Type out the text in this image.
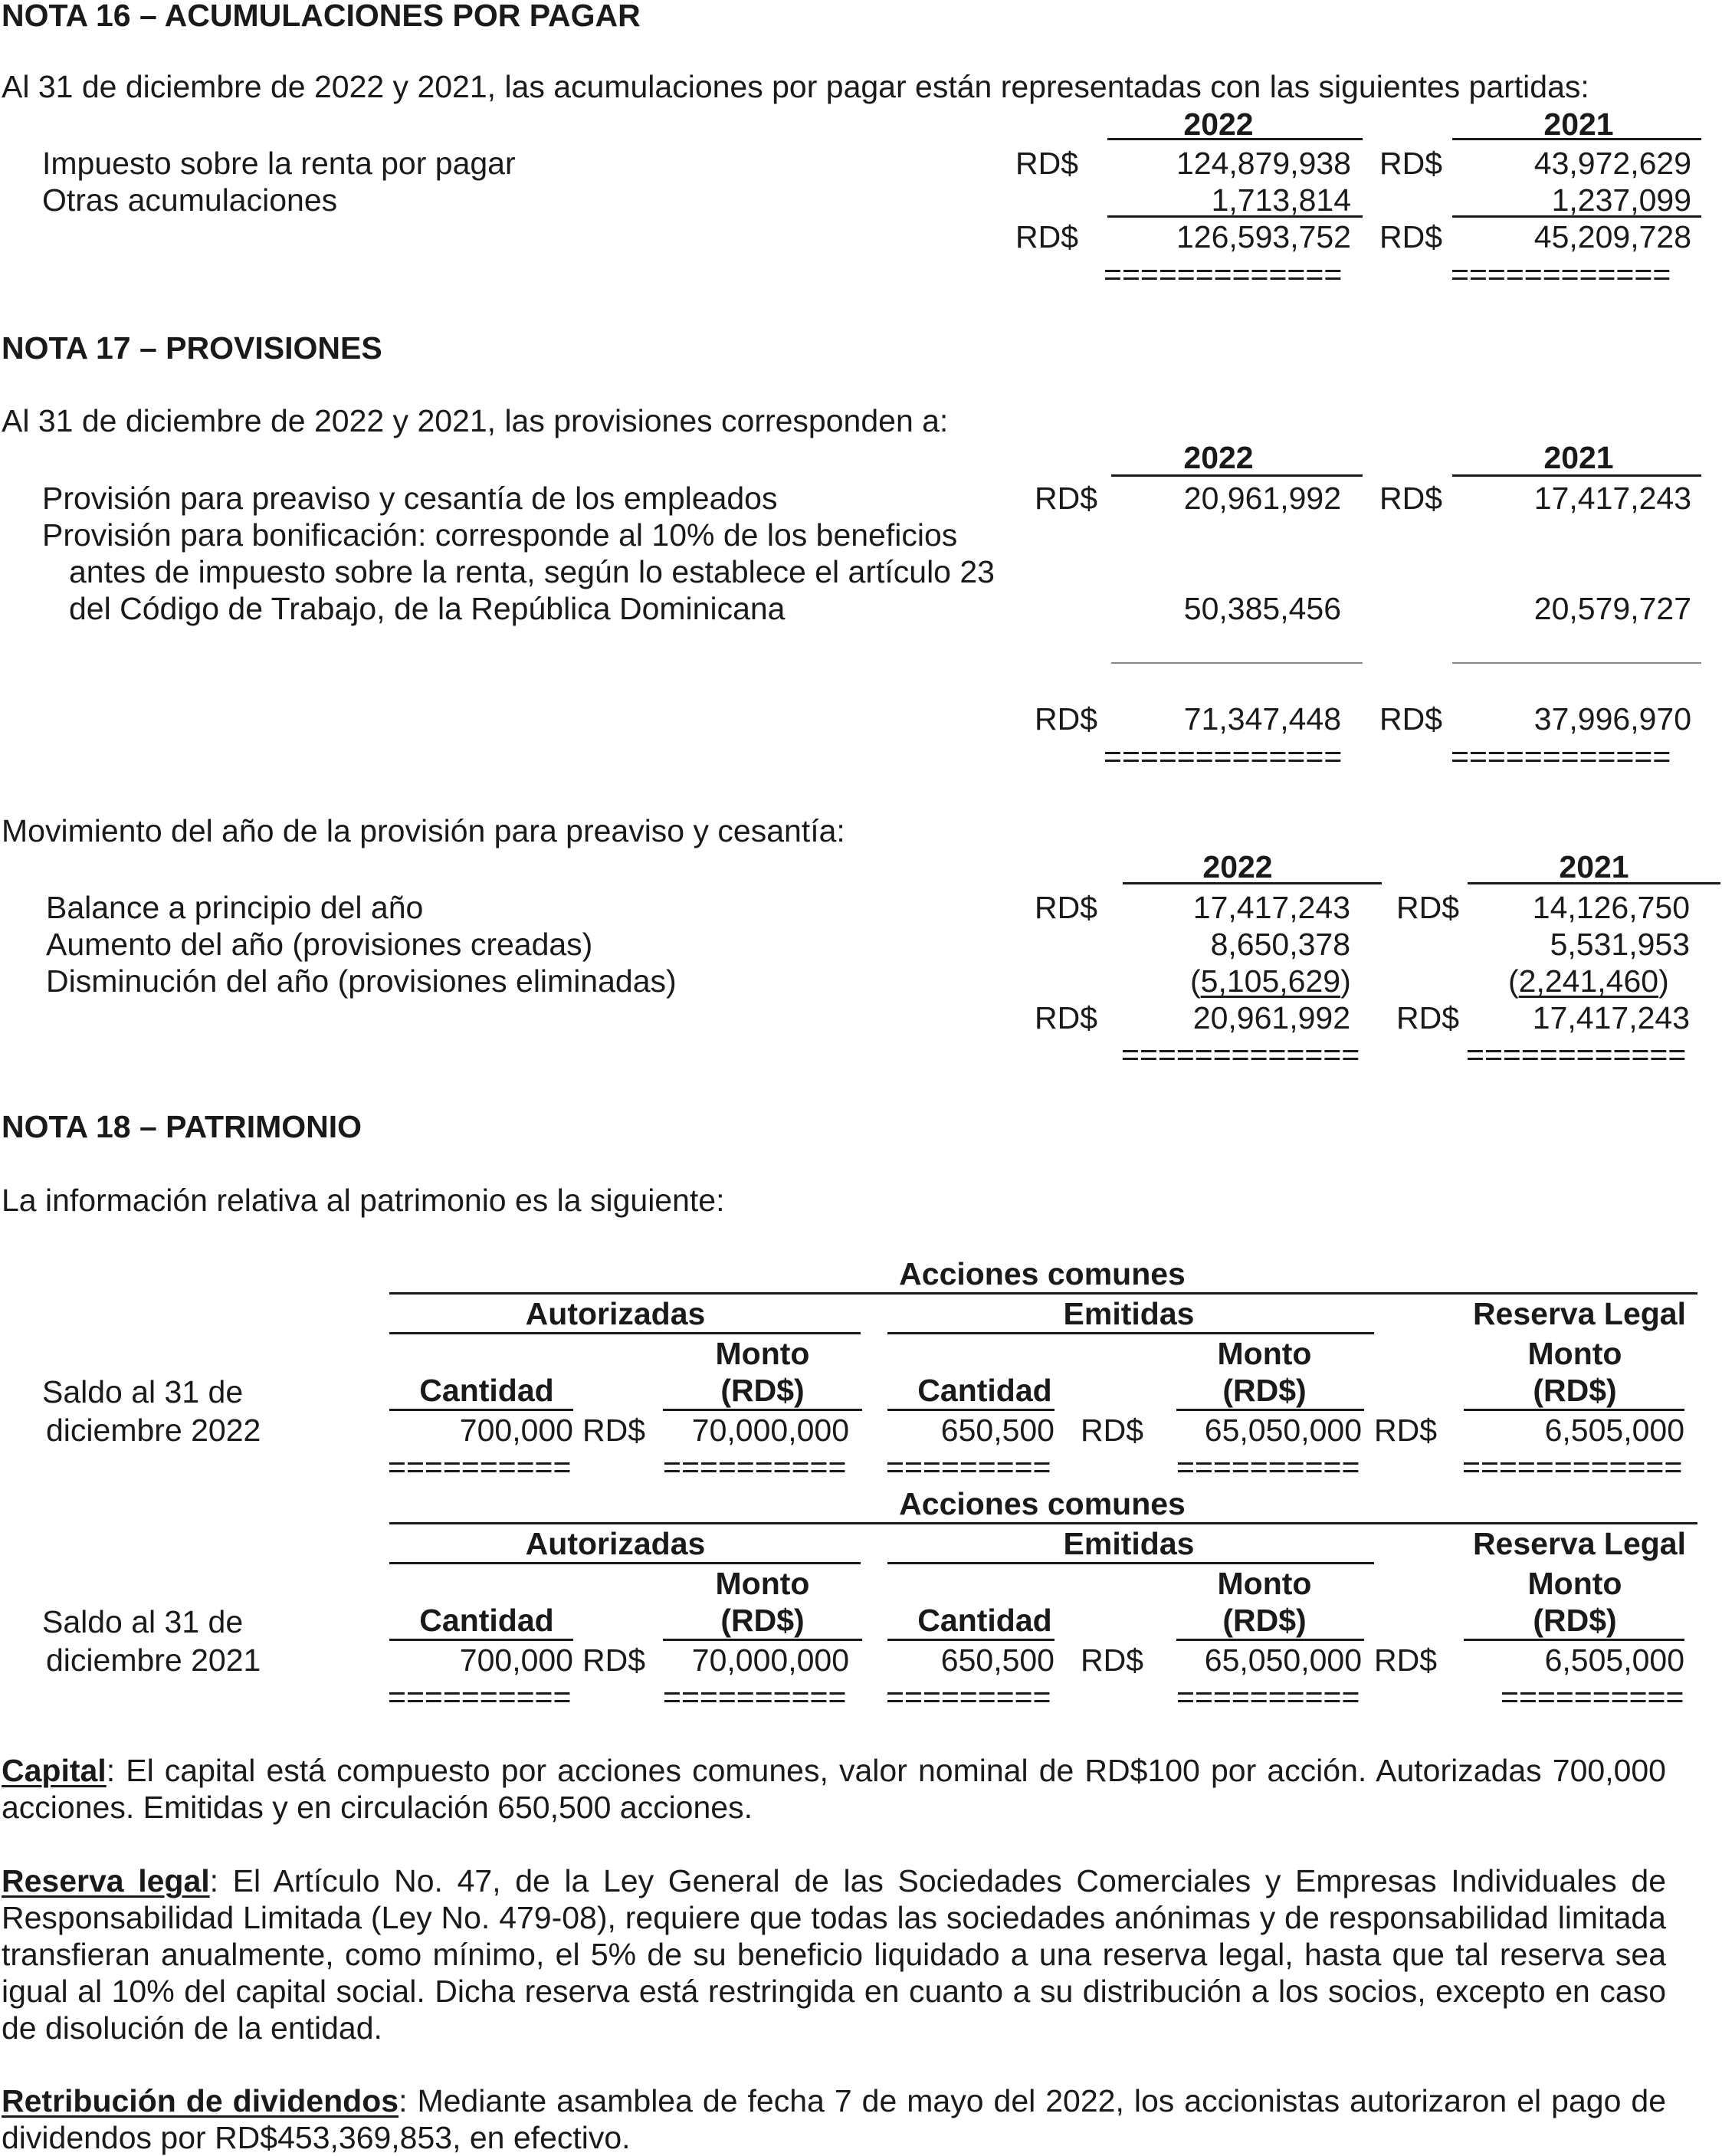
NOTA 16 – ACUMULACIONES POR PAGAR
Al 31 de diciembre de 2022 y 2021, las acumulaciones por pagar están representadas con las siguientes partidas:
2022	2021
Impuesto sobre la renta por pagar	RD$	124,879,938 RD$	43,972,629
Otras acumulaciones	1,713,814	1,237,099
RD$	126,593,752 RD$	45,209,728
=============	============
NOTA 17 – PROVISIONES
Al 31 de diciembre de 2022 y 2021, las provisiones corresponden a:
2022	2021
Provisión para preaviso y cesantía de los empleados	RD$	20,961,992 RD$	17,417,243
Provisión para bonificación: corresponde al 10% de los beneficios
antes de impuesto sobre la renta, según lo establece el artículo 23
del Código de Trabajo, de la República Dominicana	50,385,456	20,579,727
RD$	71,347,448 RD$	37,996,970
=============	============
Movimiento del año de la provisión para preaviso y cesantía:
2022	2021
Balance a principio del año	RD$	17,417,243 RD$	14,126,750
Aumento del año (provisiones creadas)	8,650,378	5,531,953
Disminución del año (provisiones eliminadas)	(5,105,629)	(2,241,460)
RD$	20,961,992 RD$	17,417,243
=============	============
NOTA 18 – PATRIMONIO
La información relativa al patrimonio es la siguiente:
Acciones comunes
Autorizadas	Emitidas	Reserva Legal
Monto	Monto	Monto
Saldo al 31 de	Cantidad	(RD$)	Cantidad	(RD$)	(RD$)
diciembre 2022	700,000 RD$	70,000,000	650,500 RD$	65,050,000 RD$	6,505,000
==========	========== =========	==========	============
Acciones comunes
Autorizadas	Emitidas	Reserva Legal
Monto	Monto	Monto
Saldo al 31 de	Cantidad	(RD$)	Cantidad	(RD$)	(RD$)
diciembre 2021	700,000 RD$	70,000,000	650,500 RD$	65,050,000 RD$	6,505,000
==========	========== =========	==========	==========
Capital: El capital está compuesto por acciones comunes, valor nominal de RD$100 por acción. Autorizadas 700,000 acciones. Emitidas y en circulación 650,500 acciones.
Reserva legal: El Artículo No. 47, de la Ley General de las Sociedades Comerciales y Empresas Individuales de Responsabilidad Limitada (Ley No. 479-08), requiere que todas las sociedades anónimas y de responsabilidad limitada transfieran anualmente, como mínimo, el 5% de su beneficio liquidado a una reserva legal, hasta que tal reserva sea igual al 10% del capital social. Dicha reserva está restringida en cuanto a su distribución a los socios, excepto en caso de disolución de la entidad.
Retribución de dividendos: Mediante asamblea de fecha 7 de mayo del 2022, los accionistas autorizaron el pago de dividendos por RD$453,369,853, en efectivo.
